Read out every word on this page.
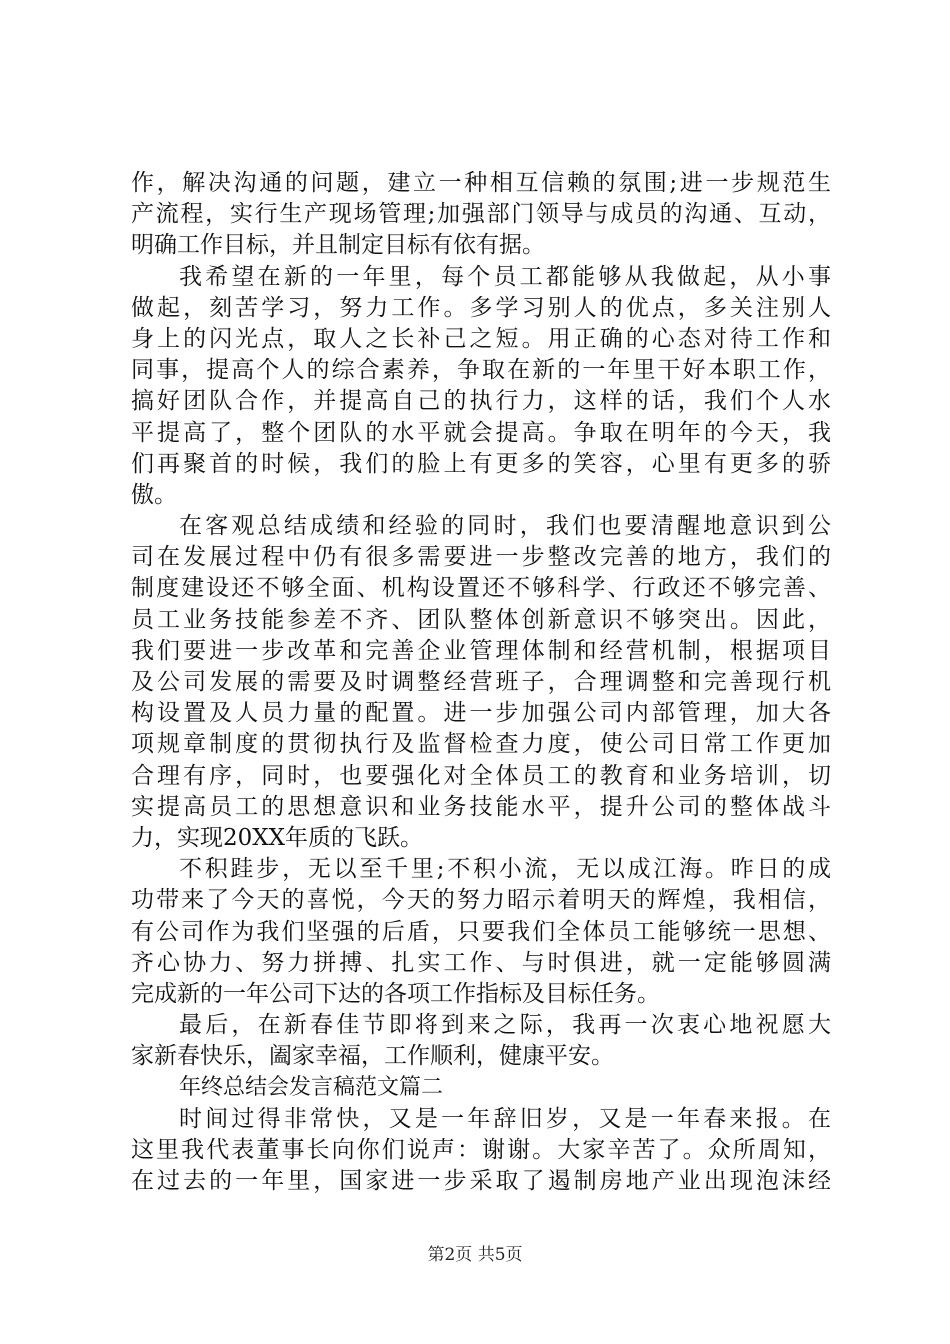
作，解决沟通的问题，建立一种相互信赖的氛围;进一步规范生
产流程，实行生产现场管理;加强部门领导与成员的沟通、互动，
明确工作目标，并且制定目标有依有据。
我希望在新的一年里，每个员工都能够从我做起，从小事
做起，刻苦学习，努力工作。多学习别人的优点，多关注别人
身上的闪光点，取人之长补己之短。用正确的心态对待工作和
同事，提高个人的综合素养，争取在新的一年里干好本职工作，
搞好团队合作，并提高自己的执行力，这样的话，我们个人水
平提高了，整个团队的水平就会提高。争取在明年的今天，我
们再聚首的时候，我们的脸上有更多的笑容，心里有更多的骄
傲。
在客观总结成绩和经验的同时，我们也要清醒地意识到公
司在发展过程中仍有很多需要进一步整改完善的地方，我们的
制度建设还不够全面、机构设置还不够科学、行政还不够完善、
员工业务技能参差不齐、团队整体创新意识不够突出。因此，
我们要进一步改革和完善企业管理体制和经营机制，根据项目
及公司发展的需要及时调整经营班子，合理调整和完善现行机
构设置及人员力量的配置。进一步加强公司内部管理，加大各
项规章制度的贯彻执行及监督检查力度，使公司日常工作更加
合理有序，同时，也要强化对全体员工的教育和业务培训，切
实提高员工的思想意识和业务技能水平，提升公司的整体战斗
力，实现20XX年质的飞跃。
不积跬步，无以至千里;不积小流，无以成江海。昨日的成
功带来了今天的喜悦，今天的努力昭示着明天的辉煌，我相信，
有公司作为我们坚强的后盾，只要我们全体员工能够统一思想、
齐心协力、努力拼搏、扎实工作、与时俱进，就一定能够圆满
完成新的一年公司下达的各项工作指标及目标任务。
最后，在新春佳节即将到来之际，我再一次衷心地祝愿大
家新春快乐，阖家幸福，工作顺利，健康平安。
年终总结会发言稿范文篇二
时间过得非常快，又是一年辞旧岁，又是一年春来报。在
这里我代表董事长向你们说声：谢谢。大家辛苦了。众所周知，
在过去的一年里，国家进一步采取了遏制房地产业出现泡沫经
第2页 共5页
